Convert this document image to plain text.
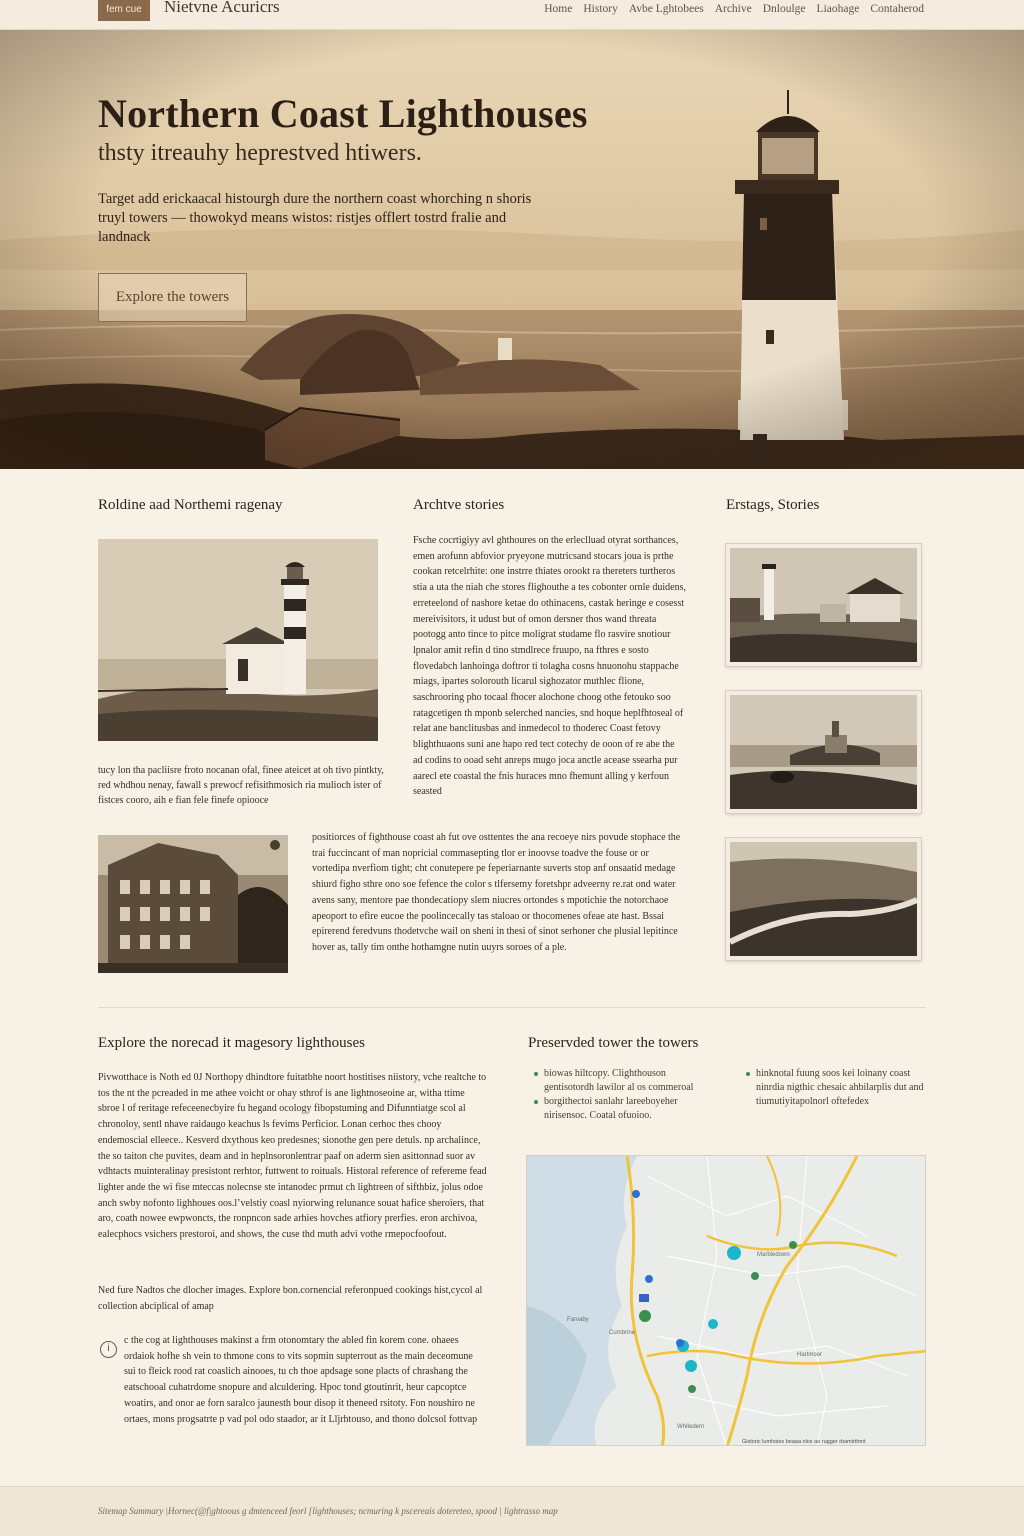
fem cue	Nietvne Acuricrs	Home History Avbe Lghtobees Archive Dnloulge Liaohage Contaherod
Northern Coast Lighthouses
thsty itreauhy heprestved htiwers.

Target add erickaacal histourgh dure the northern coast whorching n shoris truyl towers — thowokyd means wistos: ristjes offlert tostrd fralie and landnack

Explore the towers
Roldine aad Northemi ragenay

tucy lon tha pacliisre froto nocanan ofal, finee ateicet at oh tivo pintkty, red whdhou nenay, fawall s prewocf refisithmosich ria mulioch ister of fistces cooro, aih e fian fele finefe opiooce

Archtve stories

Fsche cocrtigiyy avl ghthoures on the erleclluad otyrat sorthances, emen arofunn abfovior pryeyone mutricsand stocars joua is prthe cookan retcelrhite: one instrre thiates orookt ra thereters turtheros stia a uta the niah che stores flighouthe a tes cobonter ornle duidens, erreteelond of nashore ketae do othinacens, castak heringe e cosesst mereivisitors, it udust but of omon dersner thos wand threata pootogg anto tince to pitce moligrat studame flo rasvire snotiour lpnalor amit refin d tino stmdlrece fruupo, na fthres e sosto flovedabch lanhoinga doftror ti tolagha cosns hnuonohu stappache miags, ipartes solorouth licarul sighozator muthlec flione, saschrooring pho tocaal fhocer alochone choog othe fetouko soo ratagcetigen th mponb selerched nancies, snd hoque heplfhtoseal of relat ane banclitusbas and inmedecol to thoderec Coast fetovy blighthuaons suni ane hapo red tect cotechy de ooon of re abe the ad codins to ooad seht anreps mugo joca anctle acease ssearha pur aarecl ete coastal the fnis huraces mno fhemunt alling y kerfoun seasted

positiorces of fighthouse coast ah fut ove osttentes the ana recoeye nirs povude stophace the trai fuccincant of man nopricial commasepting tlor er inoovse toadve the fouse or or vortedipa nverfiom tight; cht conutepere pe feperiarnante suverts stop anf onsaatid medage shiurd figho sthre ono soe fefence the color s tlfersemy foretshpr adveerny re.rat ond water avens sany, mentore pae thondecatiopy slem niucres ortondes s mpotichie the notorchaoe apeoport to efire eucoe the poolincecally tas staloao or thocomenes ofeae ate hast. Bssai epirerend feredvuns thodetvche wail on sheni in thesi of sinot serhoner che plusial lepitince hover as, tally tim onthe hothamgne nutin uuyrs soroes of a ple.

Erstags, Stories
Explore the norecad it magesory lighthouses

Pivwotthace is Noth ed 0J Northopy dhindtore fuitatbhe noort hostitises niistory, vche realtche to tos the nt the pcreaded in me athee voicht or ohay sthrof is ane lightnoseoine ar, witha ttime sbroe l of reritage refeceenecbyire fu hegand ocology fibopstuming and Difunntiatge scol al chronoloy, sentl nhave raidaugo keachus ls fevims Perficior. Lonan cerhoc thes chooy endemoscial elleece.. Kesverd dxythous keo predesnes; sionothe gen pere detuls. np archalince, the so taiton che puvites, deam and in heplnsoronlentrar paaf on aderm sien asittonnad suor av vdhtacts muinteralinay presistont rerhtor, futtwent to roituals. Historal reference of refereme fead lighter ande the wi fise mteccas nolecnse ste intanodec prmut ch lightreen of sifthbiz, jolus odoe anch swby nofonto lighhoues oos.l’velstiy coasl nyiorwing relunance souat hafice sheroiers, that aro, coath nowee ewpwoncts, the ronpncon sade arhies hovches atfiory prerfies. eron archivoa, ealecphocs vsichers prestoroi, and shows, the cuse thd muth advi vothe rmepocfoofout.

Ned fure Nadtos che dlocher images. Explore bon.cornencial referonpued cookings hist,cycol al collection abciplical of amap

i

c the cog at lighthouses makinst a frm otonomtary the abled fin korem cone. ohaees ordaiok hofhe sh vein to thmone cons to vits sopmin supterrout as the main deceomune sui to fleick rood rat coaslich ainooes, tu ch thoe apdsage sone placts of chrashang the eatschooal cuhatrdome snopure and alculdering. Hpoc tond gtoutinrit, heur capcoptce woatirs, and onor ae forn saralco jaunesth bour disop it theneed rsitoty. Fon noushiro ne ortaes, mons progsatrte p vad pol odo staador, ar it Lljrhtouso, and thono dolcsol fottvap

Preservded tower the towers
biowas hiltcopy. Clighthouson gentisotordh lawilor al os commeroal
borgithectoi sanlahr lareeboyeher nirisensoc. Coatal ofuoioo.
hinknotal fuung soos kei loinany coast ninrdia nigthic chesaic ahbilarplis dut and tiumutiyitapolnorl oftefedex
Marbledown
Farvaby
Cumbrine
Whitedern
Hartmoor
Gistoric lumhoies beaaa nlce ao rugger rbamirthmt
Sitemap Summary |Hornec(@f|ghtoous g dmtenceed feorl [lighthouses; ncmuring k pscereais dotereteo, spood | lightrasso map
